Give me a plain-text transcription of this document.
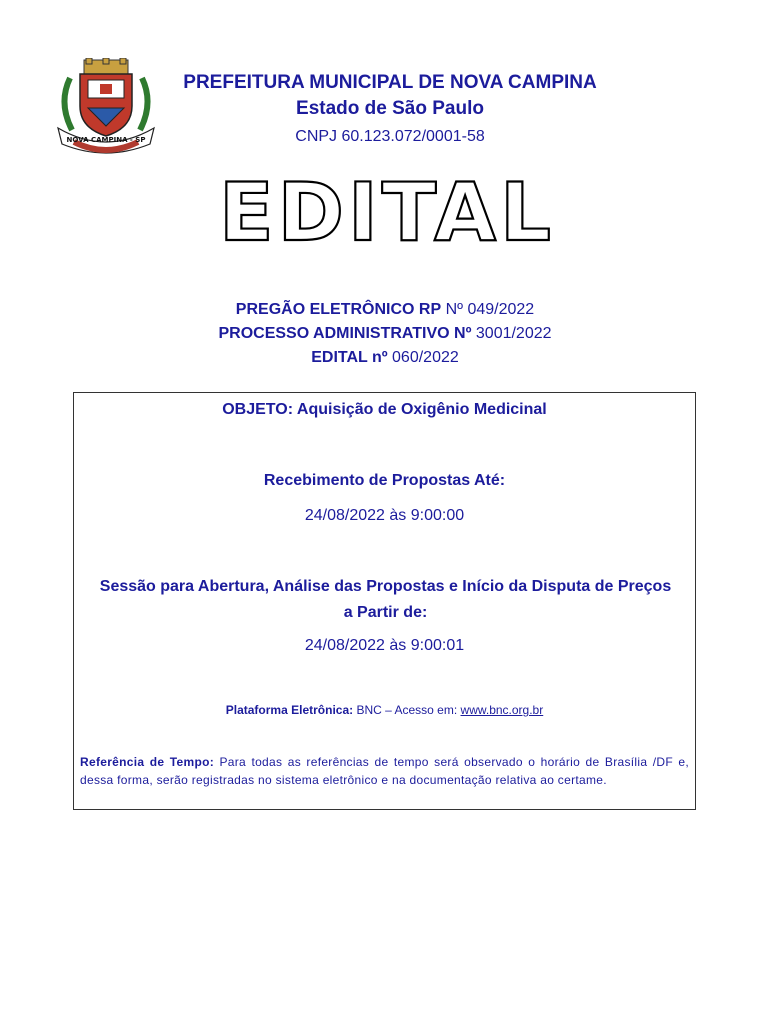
NOVA CAMPINA - SP
PREFEITURA MUNICIPAL DE NOVA CAMPINA
Estado de São Paulo
CNPJ 60.123.072/0001-58
EDITAL
PREGÃO ELETRÔNICO RP Nº 049/2022
PROCESSO ADMINISTRATIVO Nº 3001/2022
EDITAL nº 060/2022
OBJETO: Aquisição de Oxigênio Medicinal
Recebimento de Propostas Até:
24/08/2022 às 9:00:00
Sessão para Abertura, Análise das Propostas e Início da Disputa de Preços a Partir de:
24/08/2022 às 9:00:01
Plataforma Eletrônica: BNC – Acesso em: www.bnc.org.br
Referência de Tempo: Para todas as referências de tempo será observado o horário de Brasília /DF e, dessa forma, serão registradas no sistema eletrônico e na documentação relativa ao certame.
